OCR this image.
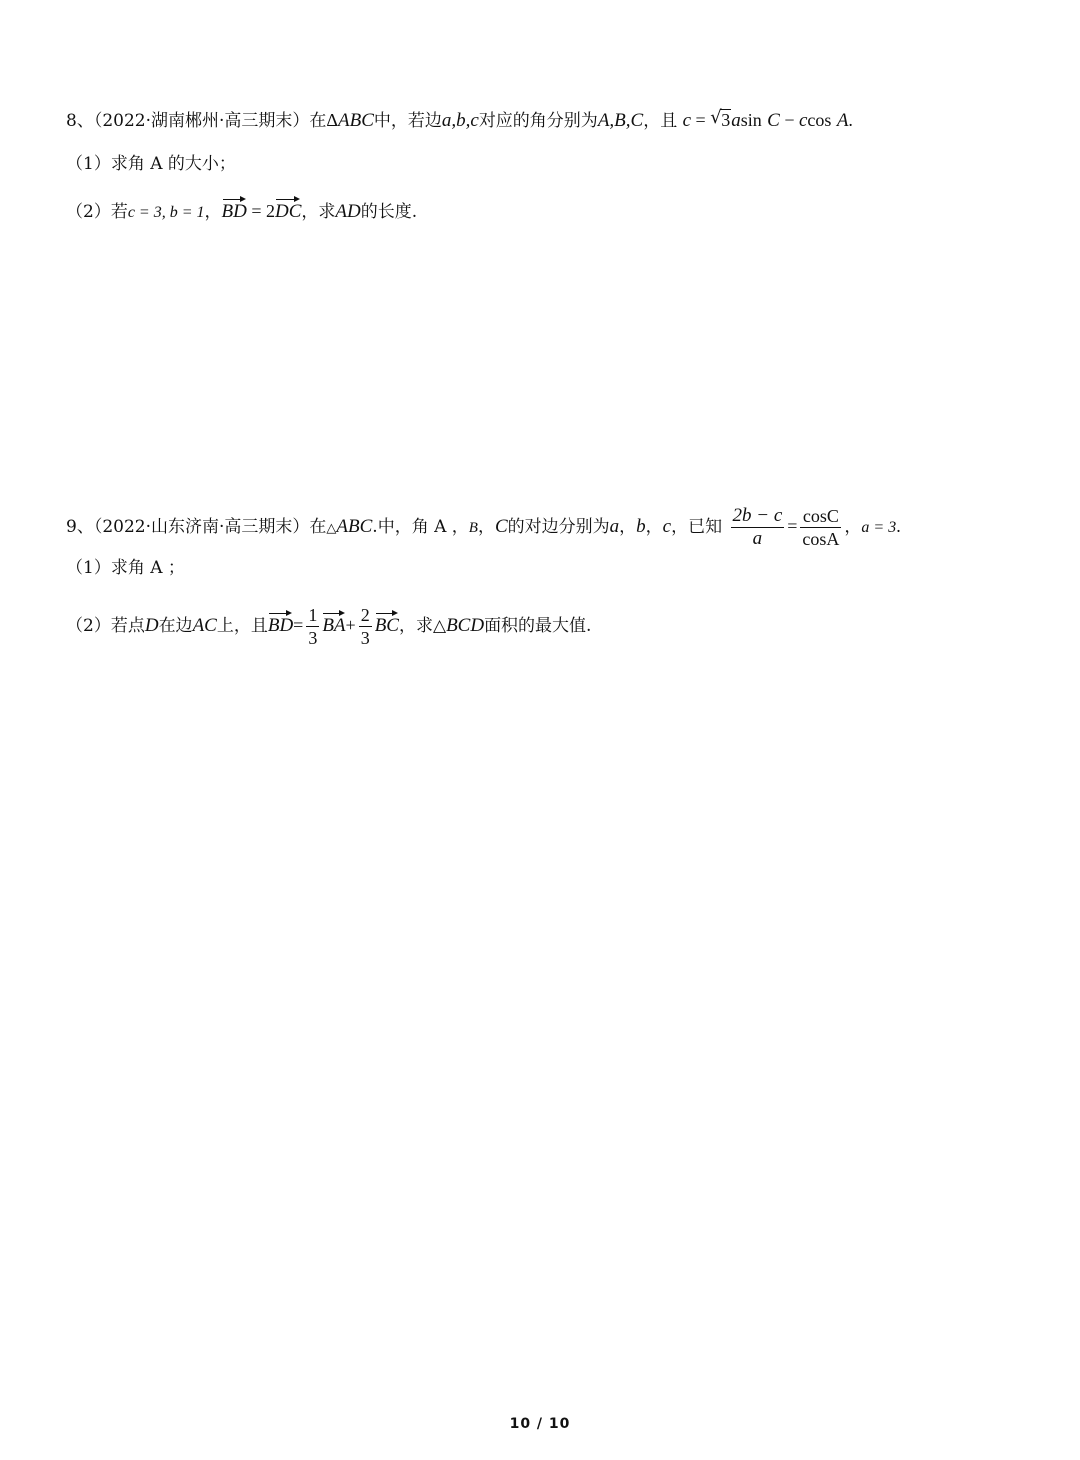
8、（2022·湖南郴州·高三期末）在ΔABC中，若边a,b,c对应的角分别为A,B,C，且 c = √ 3asin C − ccos A.
（1）求角 A 的大小；
（2）若c = 3, b = 1，BD = 2DC，求AD的长度.
9、（2022·山东济南·高三期末）在△ABC.中，角 A ，B，C的对边分别为a，b，c，已知 $\frac{2b - c}{a} = \frac{\cos C}{\cos A}$ ，a = 3.
（1）求角 A ；
（2）若点D在边AC上，且$BD= \frac{1}{3} BA+ \frac{2}{3}$ BC，求△BCD面积的最大值.
10 / 10
